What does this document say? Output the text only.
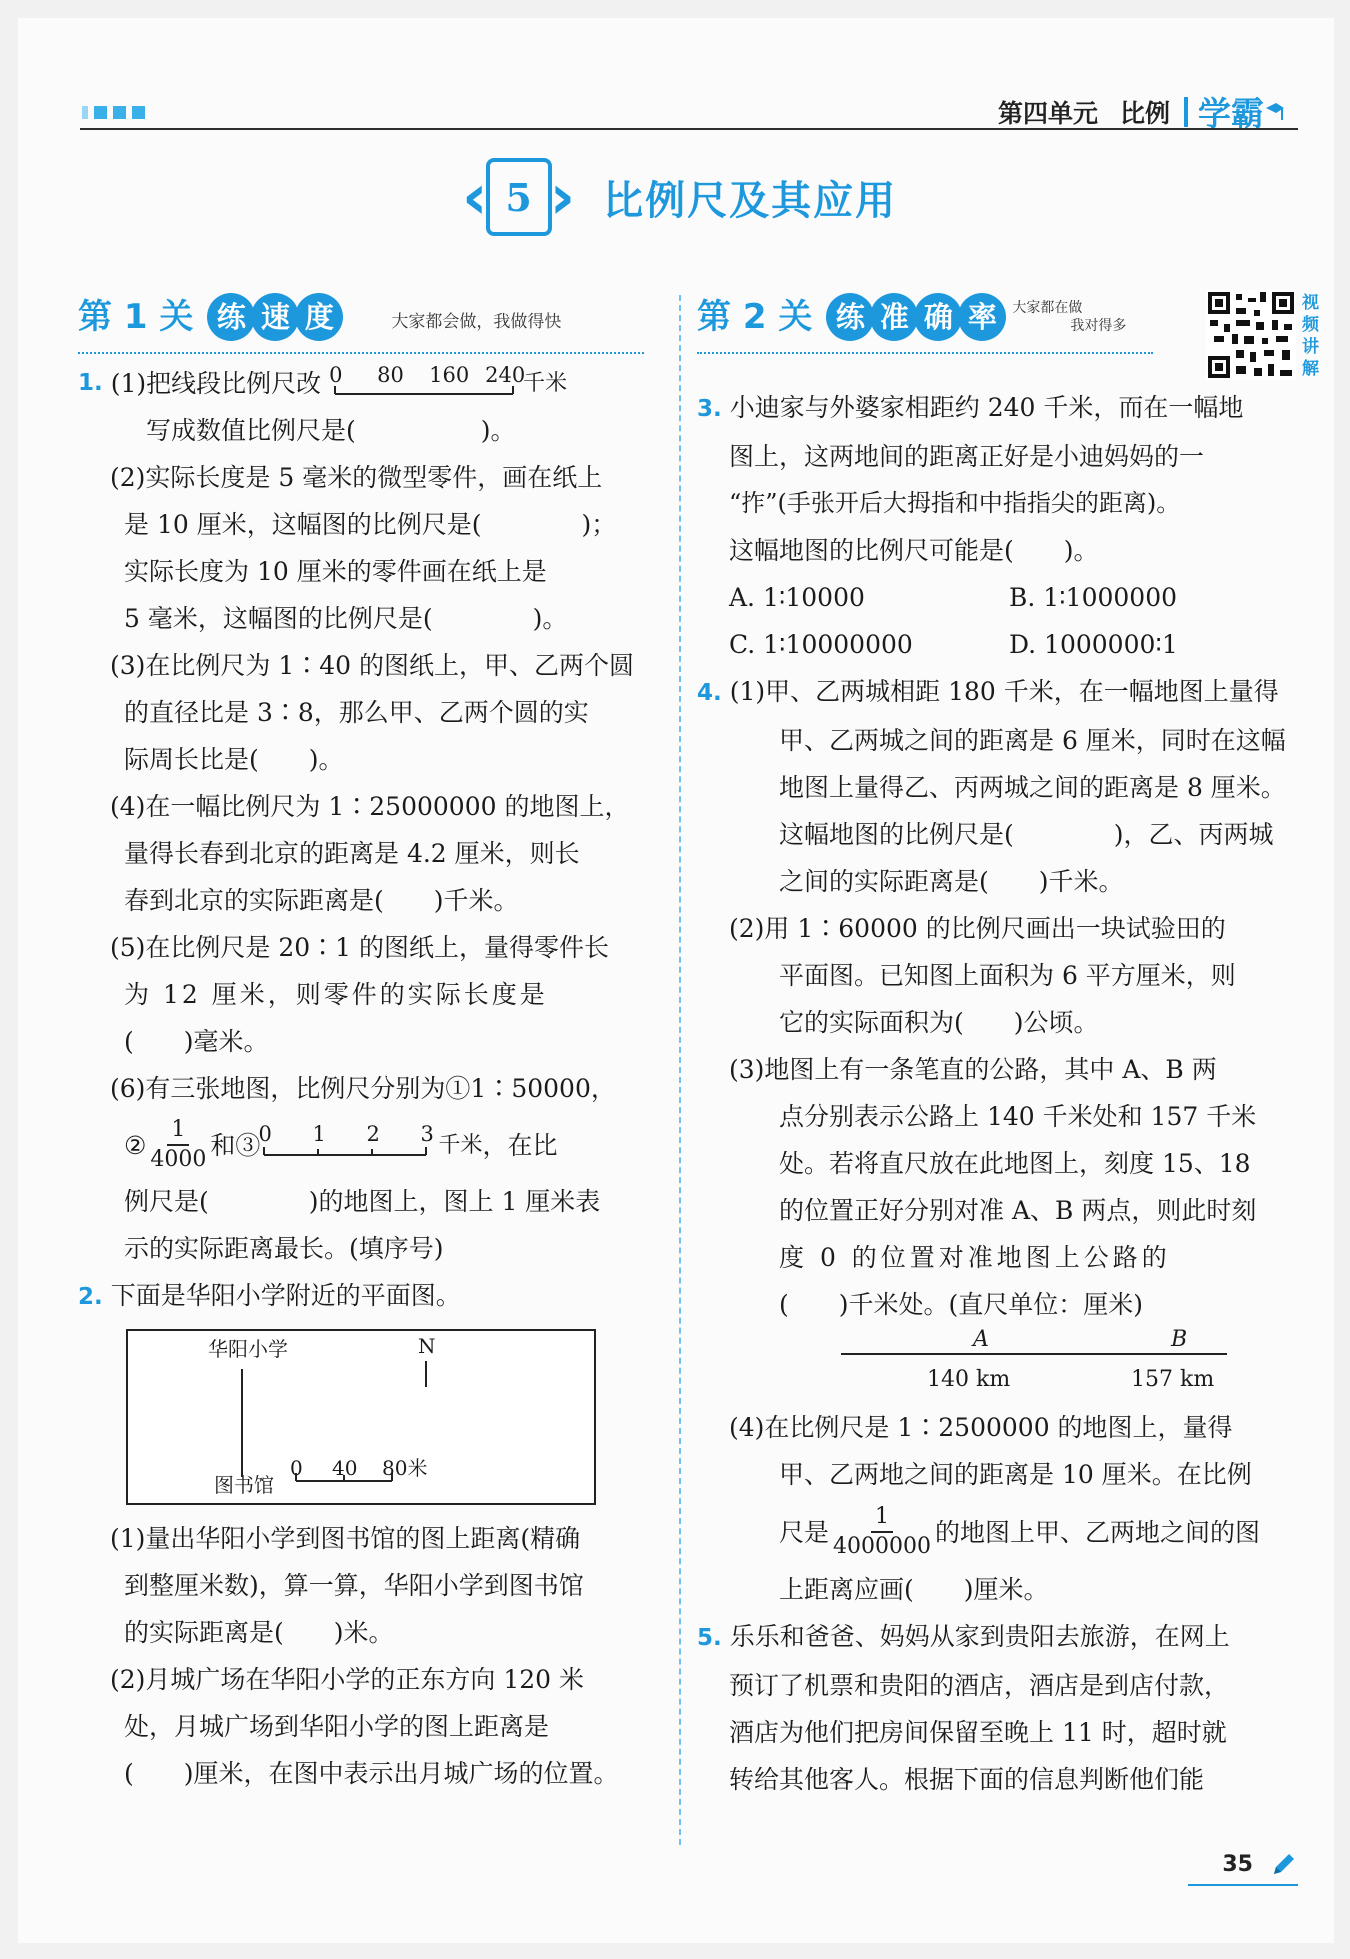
第四单元 比例 学霸
‹ 5 › 比例尺及其应用
第 1 关 练 速 度	大家都会做，我做得快

1. (1)把线段比例尺改 0 80 160 240
千米

写成数值比例尺是(　　　　　)。

(2)实际长度是 5 毫米的微型零件，画在纸上

是 10 厘米，这幅图的比例尺是(　　　　)；

实际长度为 10 厘米的零件画在纸上是

5 毫米，这幅图的比例尺是(　　　　)。

(3)在比例尺为 1∶40 的图纸上，甲、乙两个圆

的直径比是 3∶8，那么甲、乙两个圆的实

际周长比是(　　)。

(4)在一幅比例尺为 1∶25000000 的地图上，

量得长春到北京的距离是 4.2 厘米，则长

春到北京的实际距离是(　　)千米。

(5)在比例尺是 20∶1 的图纸上，量得零件长

为 12 厘米，则零件的实际长度是

(　　)毫米。

(6)有三张地图，比例尺分别为①1∶50000，

② $\frac{1}{4000}$ 和③
0 1 2 3 千米 ，在比

例尺是(　　　　)的地图上，图上 1 厘米表

示的实际距离最长。(填序号)

2. 下面是华阳小学附近的平面图。

华阳小学	N
图书馆
0 40 80米

(1)量出华阳小学到图书馆的图上距离(精确

到整厘米数)，算一算，华阳小学到图书馆

的实际距离是(　　)米。

(2)月城广场在华阳小学的正东方向 120 米

处，月城广场到华阳小学的图上距离是

(　　)厘米，在图中表示出月城广场的位置。

第 2 关 练 准 确 率	大家都在做
我对得多

3. 小迪家与外婆家相距约 240 千米，而在一幅地

图上，这两地间的距离正好是小迪妈妈的一

“拃”(手张开后大拇指和中指指尖的距离)。

这幅地图的比例尺可能是(　　)。

A. 1∶10000	B. 1∶1000000
C. 1∶10000000	D. 1000000∶1

4. (1)甲、乙两城相距 180 千米，在一幅地图上量得

甲、乙两城之间的距离是 6 厘米，同时在这幅

地图上量得乙、丙两城之间的距离是 8 厘米。

这幅地图的比例尺是(　　　　)，乙、丙两城

之间的实际距离是(　　)千米。

(2)用 1∶60000 的比例尺画出一块试验田的

平面图。已知图上面积为 6 平方厘米，则

它的实际面积为(　　)公顷。

(3)地图上有一条笔直的公路，其中 A、B 两

点分别表示公路上 140 千米处和 157 千米

处。若将直尺放在此地图上，刻度 15、18

的位置正好分别对准 A、B 两点，则此时刻

度 0 的位置对准地图上公路的

(　　)千米处。(直尺单位：厘米)

A	B
140 km	157 km

(4)在比例尺是 1∶2500000 的地图上，量得

甲、乙两地之间的距离是 10 厘米。在比例

尺是 $\frac{1}{4000000}$ 的地图上甲、乙两地之间的图

上距离应画(　　)厘米。

5. 乐乐和爸爸、妈妈从家到贵阳去旅游，在网上

预订了机票和贵阳的酒店，酒店是到店付款，

酒店为他们把房间保留至晚上 11 时，超时就

转给其他客人。根据下面的信息判断他们能

视
频
讲
解
35
